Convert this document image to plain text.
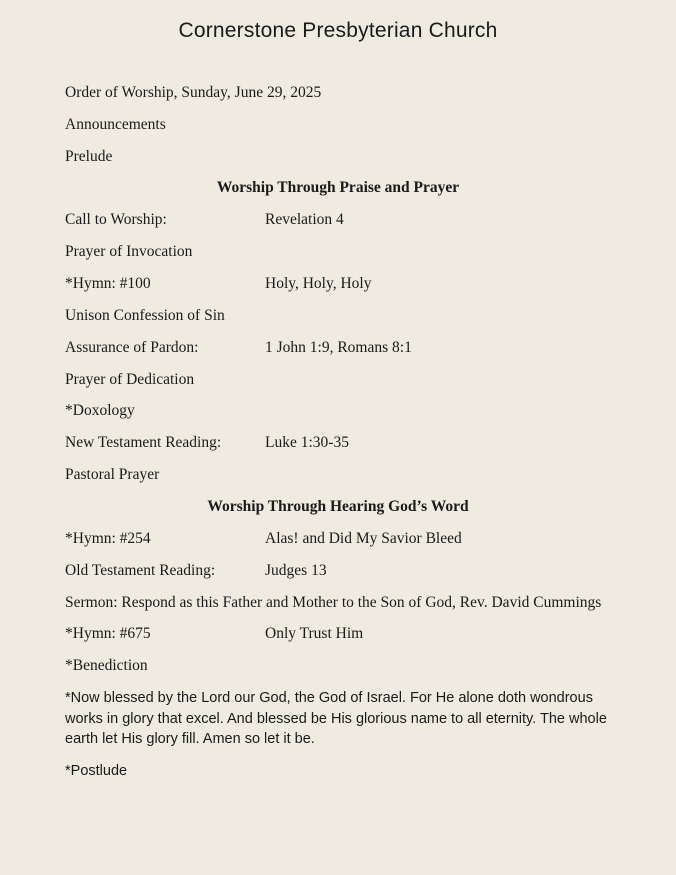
Cornerstone Presbyterian Church
Order of Worship, Sunday, June 29, 2025
Announcements
Prelude
Worship Through Praise and Prayer
Call to Worship:	Revelation 4
Prayer of Invocation
*Hymn: #100	Holy, Holy, Holy
Unison Confession of Sin
Assurance of Pardon:	1 John 1:9, Romans 8:1
Prayer of Dedication
*Doxology
New Testament Reading:	Luke 1:30-35
Pastoral Prayer
Worship Through Hearing God’s Word
*Hymn: #254	Alas! and Did My Savior Bleed
Old Testament Reading:	Judges 13
Sermon: Respond as this Father and Mother to the Son of God, Rev. David Cummings
*Hymn: #675	Only Trust Him
*Benediction
*Now blessed by the Lord our God, the God of Israel. For He alone doth wondrous works in glory that excel. And blessed be His glorious name to all eternity. The whole earth let His glory fill. Amen so let it be.
*Postlude
